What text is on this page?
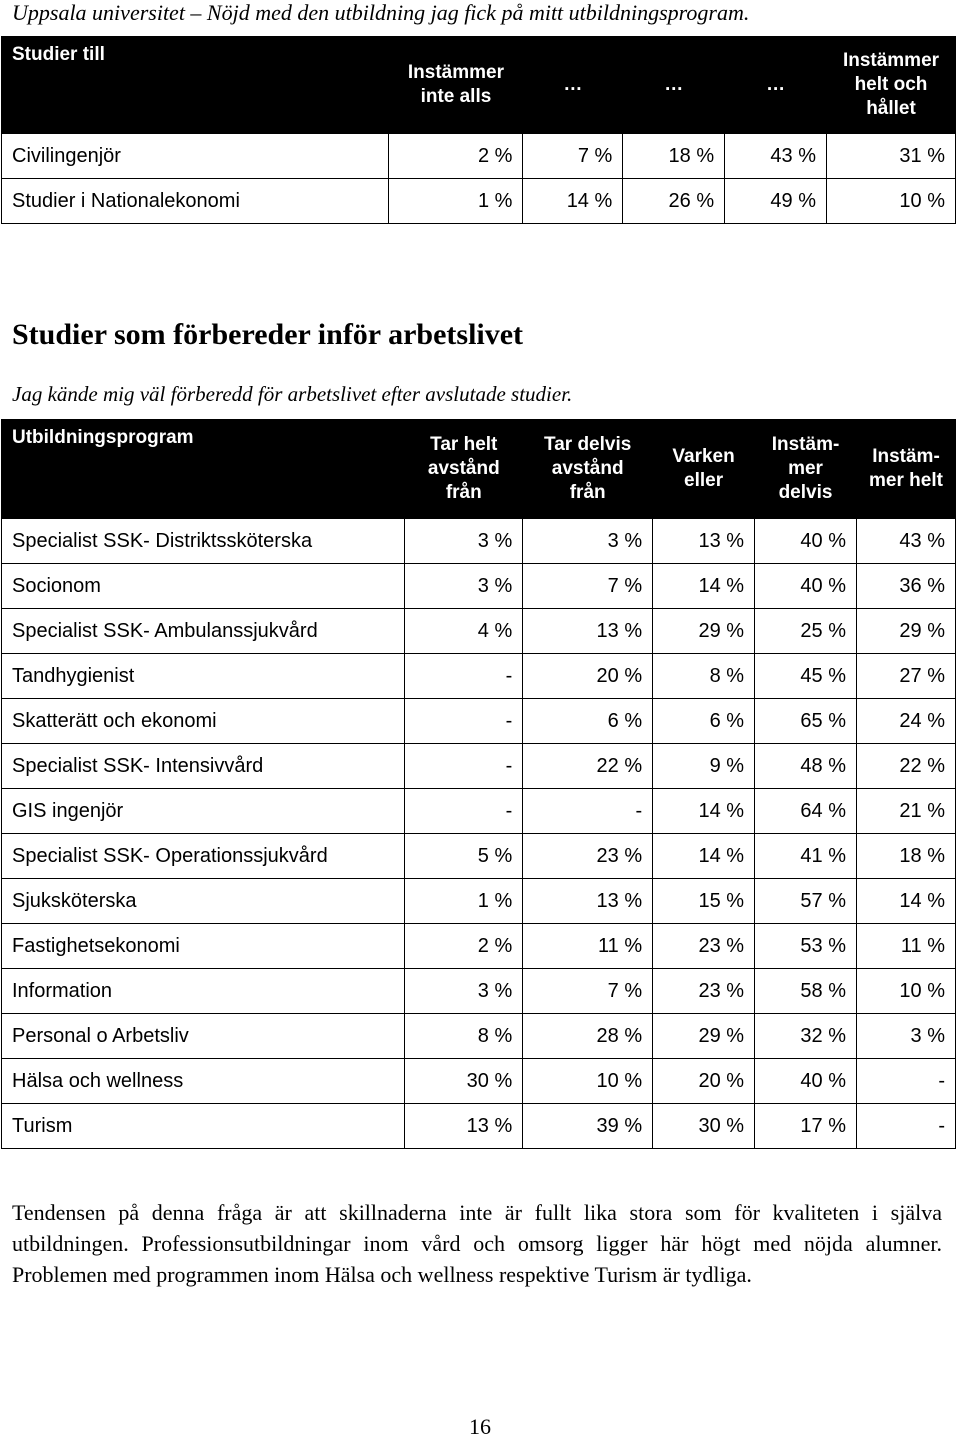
Uppsala universitet – Nöjd med den utbildning jag fick på mitt utbildningsprogram.
Studier till	Instämmer inte alls	…	…	…	Instämmer helt och hållet
Civilingenjör	2 %	7 %	18 %	43 %	31 %
Studier i Nationalekonomi	1 %	14 %	26 %	49 %	10 %
Studier som förbereder inför arbetslivet
Jag kände mig väl förberedd för arbetslivet efter avslutade studier.
Utbildningsprogram	Tar helt avstånd från	Tar delvis avstånd från	Varken eller	Instäm-mer delvis	Instäm-mer helt
Specialist SSK- Distriktssköterska	3 %	3 %	13 %	40 %	43 %
Socionom	3 %	7 %	14 %	40 %	36 %
Specialist SSK- Ambulanssjukvård	4 %	13 %	29 %	25 %	29 %
Tandhygienist	-	20 %	8 %	45 %	27 %
Skatterätt och ekonomi	-	6 %	6 %	65 %	24 %
Specialist SSK- Intensivvård	-	22 %	9 %	48 %	22 %
GIS ingenjör	-	-	14 %	64 %	21 %
Specialist SSK- Operationssjukvård	5 %	23 %	14 %	41 %	18 %
Sjuksköterska	1 %	13 %	15 %	57 %	14 %
Fastighetsekonomi	2 %	11 %	23 %	53 %	11 %
Information	3 %	7 %	23 %	58 %	10 %
Personal o Arbetsliv	8 %	28 %	29 %	32 %	3 %
Hälsa och wellness	30 %	10 %	20 %	40 %	-
Turism	13 %	39 %	30 %	17 %	-
Tendensen på denna fråga är att skillnaderna inte är fullt lika stora som för kvaliteten i själva utbildningen. Professionsutbildningar inom vård och omsorg ligger här högt med nöjda alumner. Problemen med programmen inom Hälsa och wellness respektive Turism är tydliga.
16
